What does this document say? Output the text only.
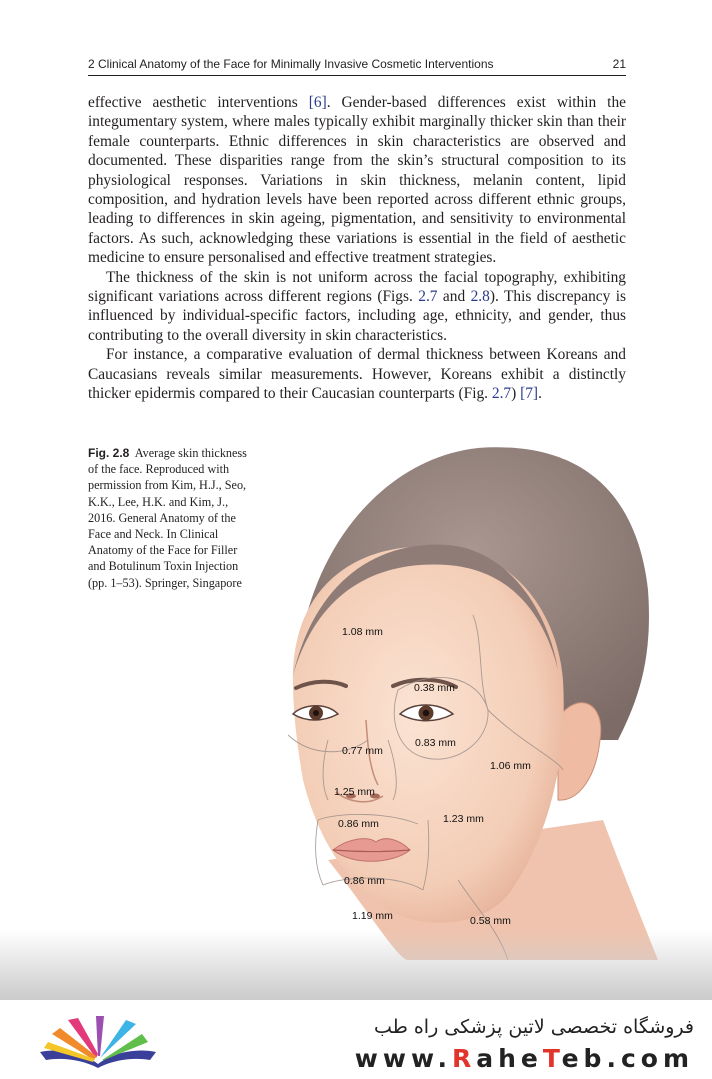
2 Clinical Anatomy of the Face for Minimally Invasive Cosmetic Interventions	21

effective aesthetic interventions [6]. Gender-based differences exist within the integumentary system, where males typically exhibit marginally thicker skin than their female counterparts. Ethnic differences in skin characteristics are observed and documented. These disparities range from the skin’s structural composition to its physiological responses. Variations in skin thickness, melanin content, lipid composition, and hydration levels have been reported across different ethnic groups, leading to differences in skin ageing, pigmentation, and sensitivity to environmental factors. As such, acknowledging these variations is essential in the field of aesthetic medicine to ensure personalised and effective treatment strategies.

The thickness of the skin is not uniform across the facial topography, exhibiting significant variations across different regions (Figs. 2.7 and 2.8). This discrepancy is influenced by individual-specific factors, including age, ethnicity, and gender, thus contributing to the overall diversity in skin characteristics.

For instance, a comparative evaluation of dermal thickness between Koreans and Caucasians reveals similar measurements. However, Koreans exhibit a distinctly thicker epidermis compared to their Caucasian counterparts (Fig. 2.7) [7].

Fig. 2.8 Average skin thickness of the face. Reproduced with permission from Kim, H.J., Seo, K.K., Lee, H.K. and Kim, J., 2016. General Anatomy of the Face and Neck. In Clinical Anatomy of the Face for Filler and Botulinum Toxin Injection (pp. 1–53). Springer, Singapore
1.08 mm
0.38 mm
0.83 mm
0.77 mm
1.06 mm
1.25 mm
1.23 mm
0.86 mm
0.86 mm
1.19 mm	0.58 mm
فروشگاه تخصصی لاتین پزشکی راه طب
www.RaheTeb.com
